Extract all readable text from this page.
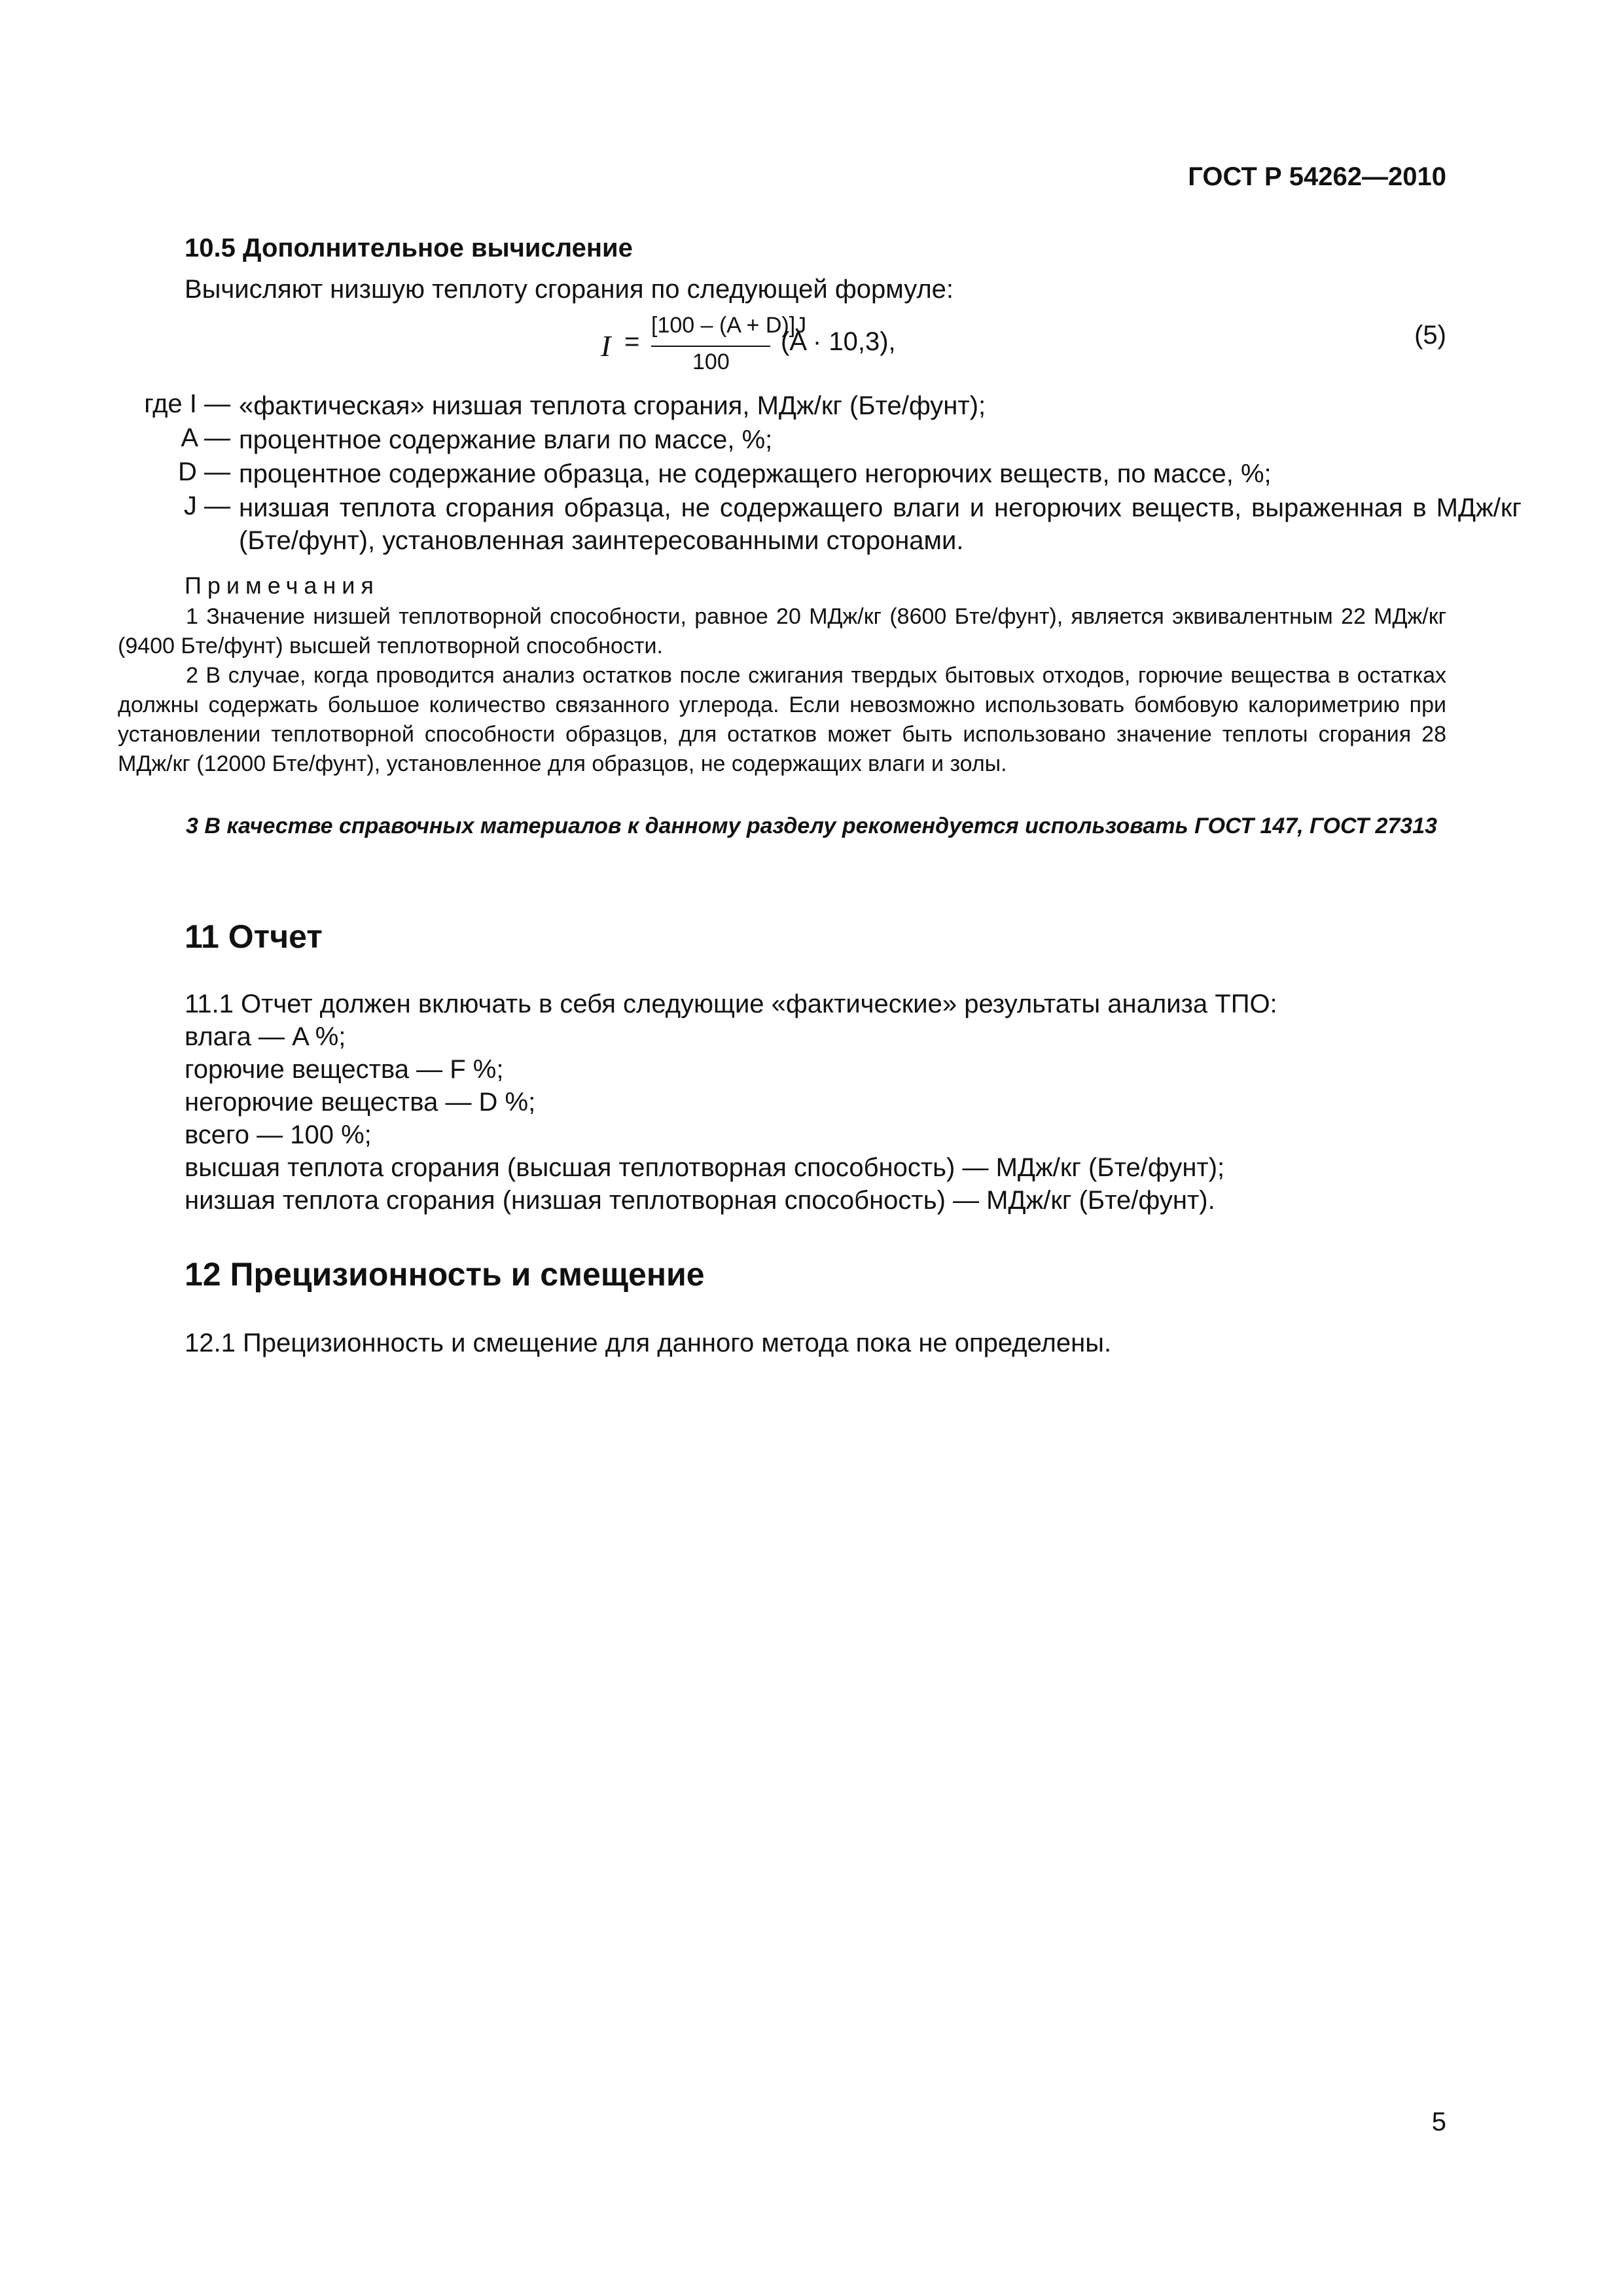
ГОСТ Р 54262—2010
10.5 Дополнительное вычисление
Вычисляют низшую теплоту сгорания по следующей формуле:
I =
[100 – (A + D)]J
100
(A · 10,3),	(5)
где I — «фактическая» низшая теплота сгорания, МДж/кг (Бте/фунт);
A — процентное содержание влаги по массе, %;
D — процентное содержание образца, не содержащего негорючих веществ, по массе, %;
J — низшая теплота сгорания образца, не содержащего влаги и негорючих веществ, выраженная в МДж/кг (Бте/фунт), установленная заинтересованными сторонами.
Примечания
1 Значение низшей теплотворной способности, равное 20 МДж/кг (8600 Бте/фунт), является эквивалентным 22 МДж/кг (9400 Бте/фунт) высшей теплотворной способности.
2 В случае, когда проводится анализ остатков после сжигания твердых бытовых отходов, горючие вещества в остатках должны содержать большое количество связанного углерода. Если невозможно использовать бомбовую калориметрию при установлении теплотворной способности образцов, для остатков может быть использовано значение теплоты сгорания 28 МДж/кг (12000 Бте/фунт), установленное для образцов, не содержащих влаги и золы.
3 В качестве справочных материалов к данному разделу рекомендуется использовать ГОСТ 147, ГОСТ 27313
11 Отчет
11.1 Отчет должен включать в себя следующие «фактические» результаты анализа ТПО:
влага — A %;
горючие вещества — F %;
негорючие вещества — D %;
всего — 100 %;
высшая теплота сгорания (высшая теплотворная способность) — МДж/кг (Бте/фунт);
низшая теплота сгорания (низшая теплотворная способность) — МДж/кг (Бте/фунт).
12 Прецизионность и смещение
12.1 Прецизионность и смещение для данного метода пока не определены.
5
